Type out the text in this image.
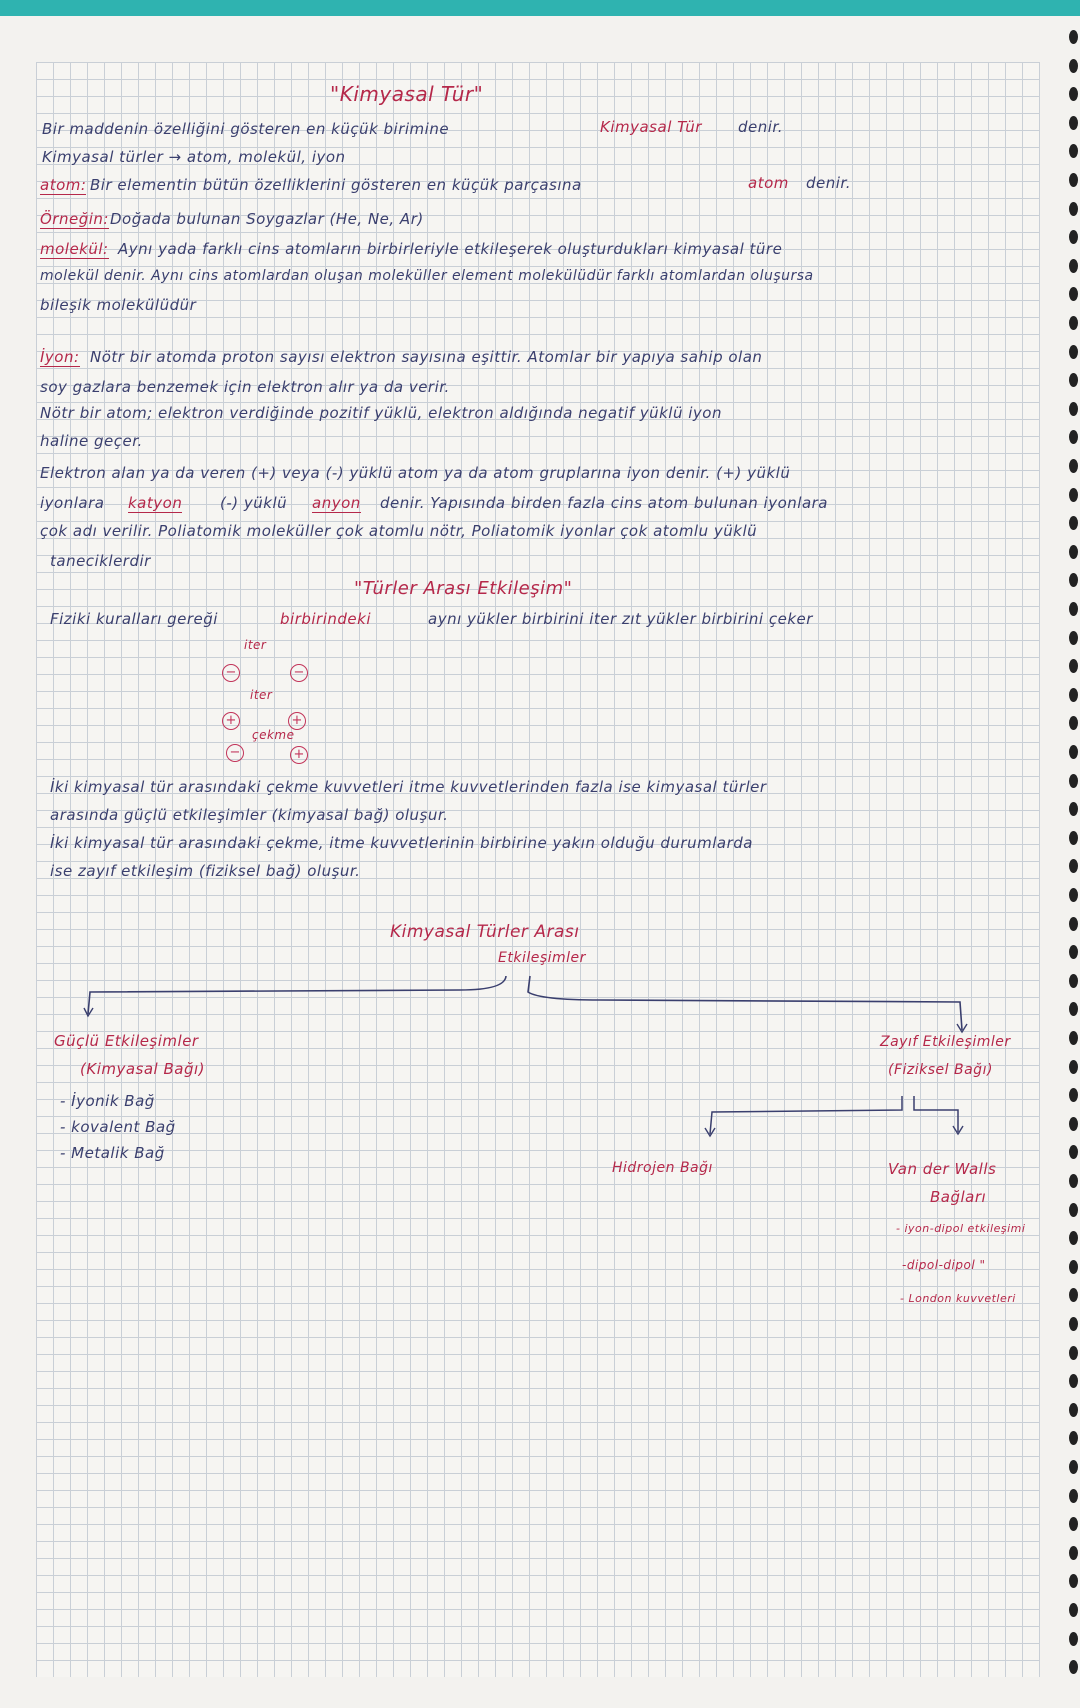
"Kimyasal Tür"
Bir maddenin özelliğini gösteren en küçük birimine	Kimyasal Tür denir.
Kimyasal türler → atom, molekül, iyon
atom: Bir elementin bütün özelliklerini gösteren en küçük parçasına	atom denir.
Örneğin: Doğada bulunan Soygazlar (He, Ne, Ar)
molekül: Aynı yada farklı cins atomların birbirleriyle etkileşerek oluşturdukları kimyasal türe
molekül denir. Aynı cins atomlardan oluşan moleküller element molekülüdür farklı atomlardan oluşursa
bileşik molekülüdür
İyon: Nötr bir atomda proton sayısı elektron sayısına eşittir. Atomlar bir yapıya sahip olan
soy gazlara benzemek için elektron alır ya da verir.
Nötr bir atom; elektron verdiğinde pozitif yüklü, elektron aldığında negatif yüklü iyon
haline geçer.
Elektron alan ya da veren (+) veya (-) yüklü atom ya da atom gruplarına iyon denir. (+) yüklü
iyonlara katyon	(-) yüklü anyon denir. Yapısında birden fazla cins atom bulunan iyonlara
çok adı verilir. Poliatomik moleküller çok atomlu nötr, Poliatomik iyonlar çok atomlu yüklü
taneciklerdir
"Türler Arası Etkileşim"
Fiziki kuralları gereği	birbirindeki	aynı yükler birbirini iter zıt yükler birbirini çeker
iter
−	−
iter
+	+
çekme
−	+
İki kimyasal tür arasındaki çekme kuvvetleri itme kuvvetlerinden fazla ise kimyasal türler
arasında güçlü etkileşimler (kimyasal bağ) oluşur.
İki kimyasal tür arasındaki çekme, itme kuvvetlerinin birbirine yakın olduğu durumlarda
ise zayıf etkileşim (fiziksel bağ) oluşur.
Kimyasal Türler Arası
Etkileşimler
Güçlü Etkileşimler
(Kimyasal Bağı)
- İyonik Bağ
- kovalent Bağ
- Metalik Bağ
Zayıf Etkileşimler
(Fiziksel Bağı)
Hidrojen Bağı	Van der Walls
Bağları
- iyon-dipol etkileşimi
-dipol-dipol "
- London kuvvetleri
